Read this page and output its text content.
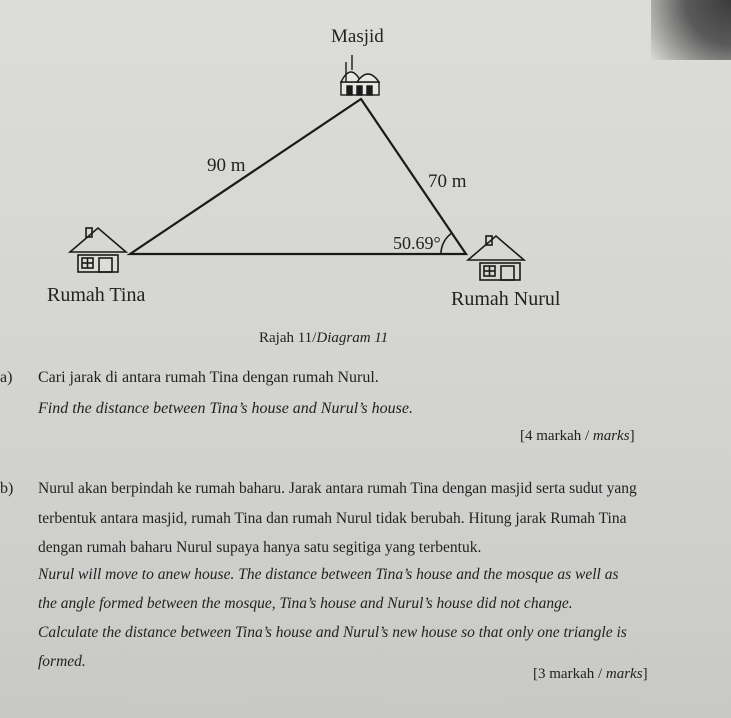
Masjid
90 m
70 m
50.69°
Rumah Tina	Rumah Nurul
Rajah 11/Diagram 11
a) Cari jarak di antara rumah Tina dengan rumah Nurul.
Find the distance between Tina’s house and Nurul’s house.
[4 markah / marks]
b) Nurul akan berpindah ke rumah baharu. Jarak antara rumah Tina dengan masjid serta sudut yang
terbentuk antara masjid, rumah Tina dan rumah Nurul tidak berubah. Hitung jarak Rumah Tina
dengan rumah baharu Nurul supaya hanya satu segitiga yang terbentuk.
Nurul will move to anew house. The distance between Tina’s house and the mosque as well as
the angle formed between the mosque, Tina’s house and Nurul’s house did not change.
Calculate the distance between Tina’s house and Nurul’s new house so that only one triangle is
formed.
[3 markah / marks]
